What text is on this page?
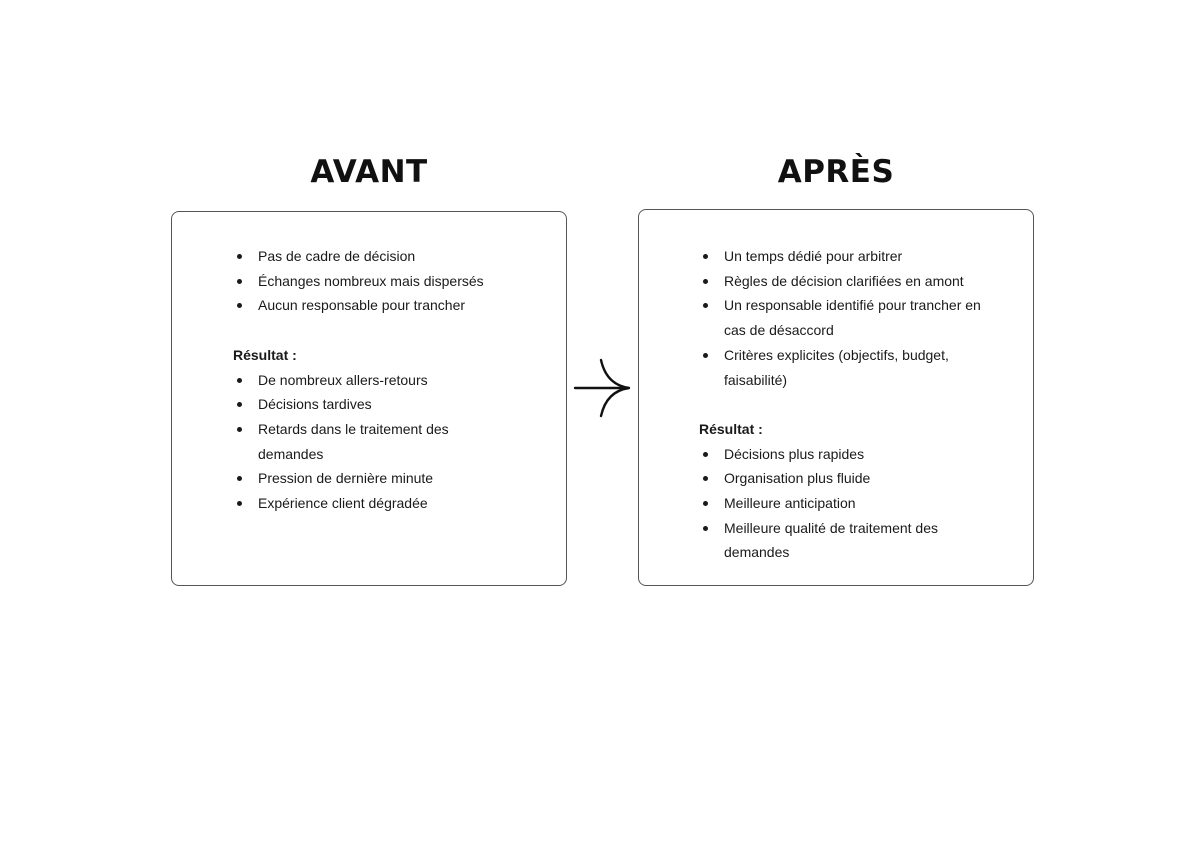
AVANT	APRÈS
Pas de cadre de décision
Échanges nombreux mais dispersés
Aucun responsable pour trancher
Résultat :
De nombreux allers-retours
Décisions tardives
Retards dans le traitement des demandes
Pression de dernière minute
Expérience client dégradée
Un temps dédié pour arbitrer
Règles de décision clarifiées en amont
Un responsable identifié pour trancher en cas de désaccord
Critères explicites (objectifs, budget, faisabilité)
Résultat :
Décisions plus rapides
Organisation plus fluide
Meilleure anticipation
Meilleure qualité de traitement des demandes
